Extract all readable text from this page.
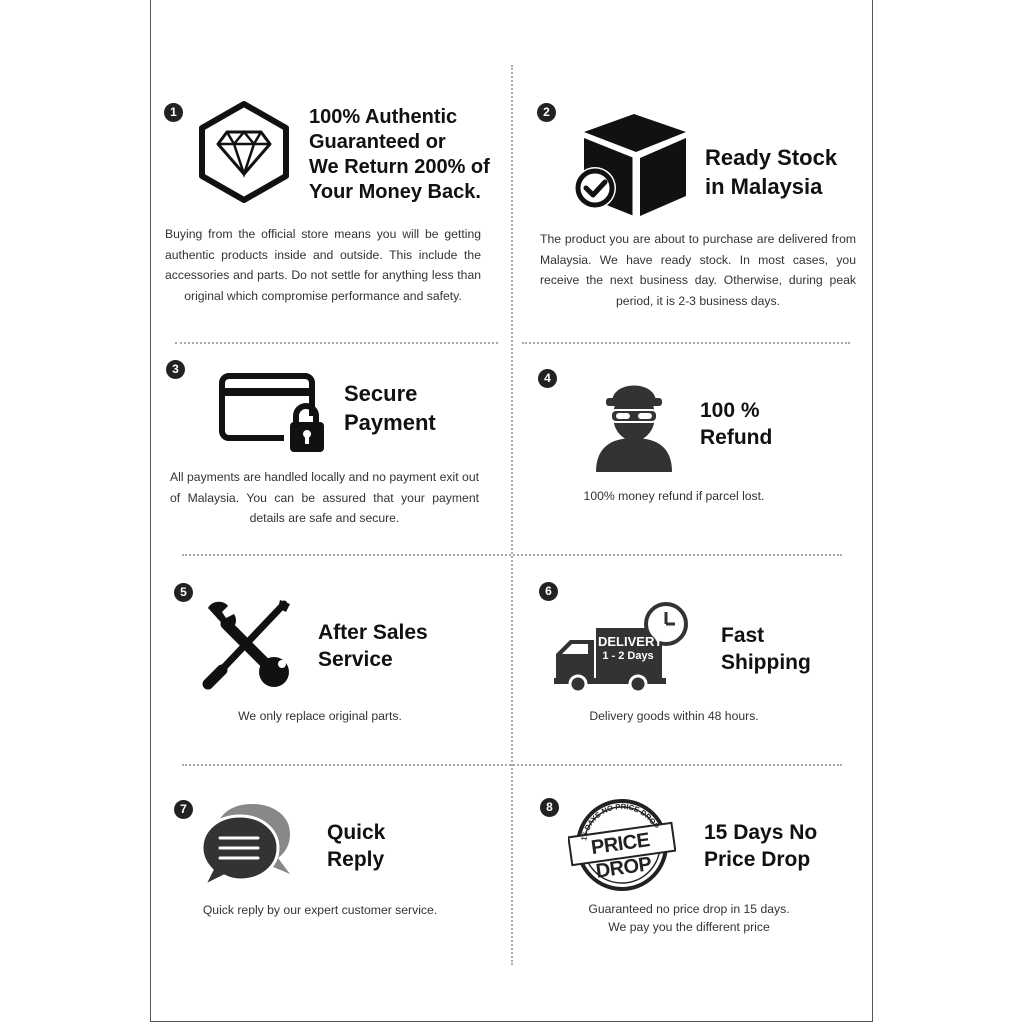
1	100% Authentic
Guaranteed or
We Return 200% of
Your Money Back.
Buying from the official store means you will be getting authentic products inside and outside. This include the accessories and parts. Do not settle for anything less than original which compromise performance and safety.
2
Ready Stock
in Malaysia
The product you are about to purchase are delivered from Malaysia. We have ready stock. In most cases, you receive the next business day. Otherwise, during peak period, it is 2-3 business days.
3
Secure
Payment
All payments are handled locally and no payment exit out of Malaysia. You can be assured that your payment details are safe and secure.
4
100 %
Refund
100% money refund if parcel lost.
5
After Sales
Service
We only replace original parts.
6
DELIVERY
1 - 2 Days
Fast
Shipping
Delivery goods within 48 hours.
7
Quick
Reply
Quick reply by our expert customer service.
8
15 DAYS NO PRICE DROP
PRICE DROP
15 Days No
Price Drop
Guaranteed no price drop in 15 days.
We pay you the different price
